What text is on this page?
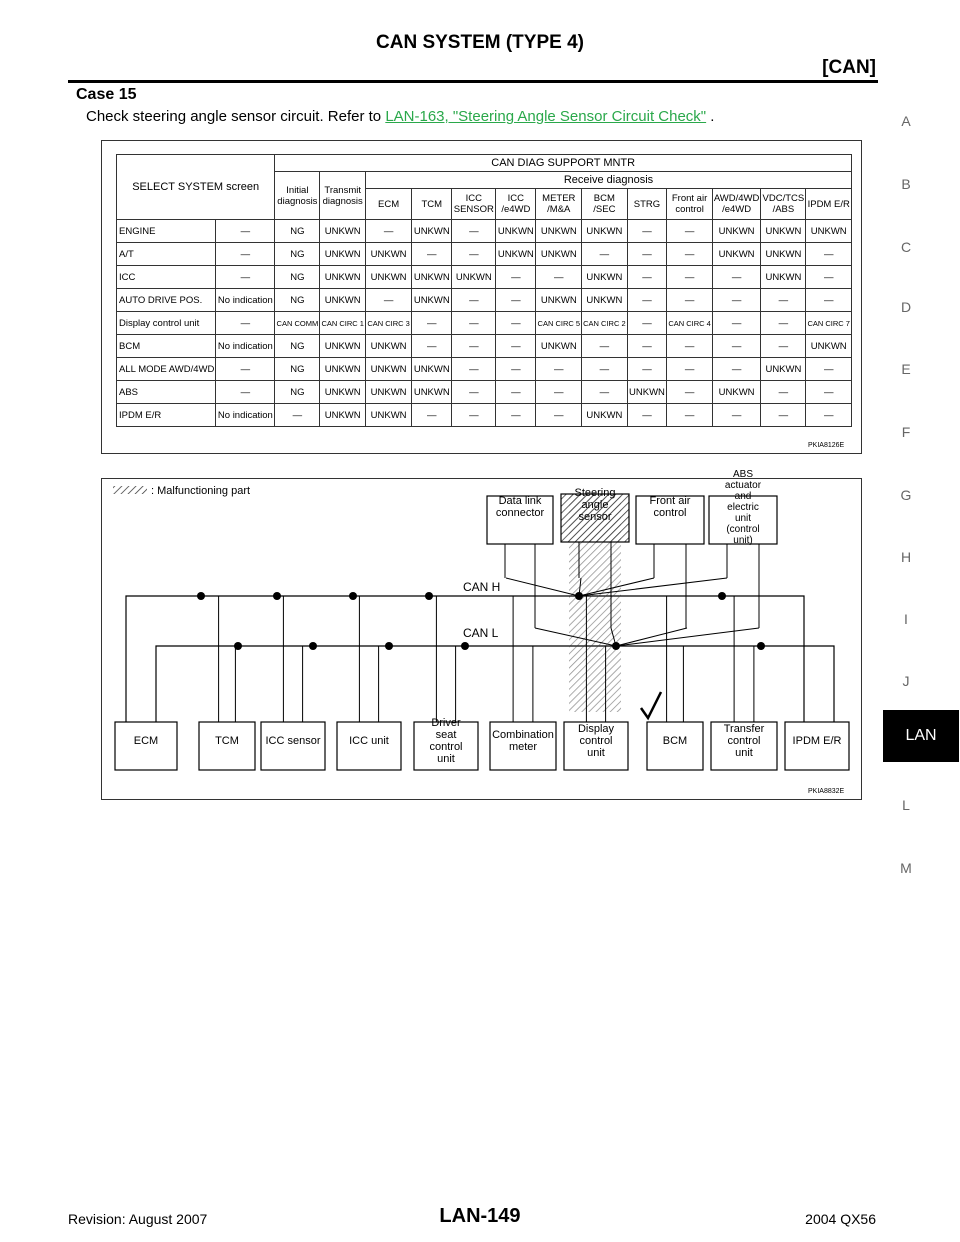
CAN SYSTEM (TYPE 4)
[CAN]
Case 15
Check steering angle sensor circuit. Refer to LAN-163, "Steering Angle Sensor Circuit Check" .	A
B
C
D
E
F
G
H
I
J
LAN
L
M
SELECT SYSTEM screen		CAN DIAG SUPPORT MNTR												
		Initial diagnosis	Transmit diagnosis	Receive diagnosis										
				ECM	TCM	ICC SENSOR	ICC /e4WD	METER /M&A	BCM /SEC	STRG	Front air control	AWD/4WD /e4WD	VDC/TCS /ABS	IPDM E/R
ENGINE	—	NG	UNKWN	—	UNKWN	—	UNKWN	UNKWN	UNKWN	—	—	UNKWN	UNKWN	UNKWN
A/T	—	NG	UNKWN	UNKWN	—	—	UNKWN	UNKWN	—	—	—	UNKWN	UNKWN	—
ICC	—	NG	UNKWN	UNKWN	UNKWN	UNKWN	—	—	UNKWN	—	—	—	UNKWN	—
AUTO DRIVE POS.	No indication	NG	UNKWN	—	UNKWN	—	—	UNKWN	UNKWN	—	—	—	—	—
Display control unit	—	CAN COMM	CAN CIRC 1	CAN CIRC 3	—	—	—	CAN CIRC 5	CAN CIRC 2	—	CAN CIRC 4	—	—	CAN CIRC 7
BCM	No indication	NG	UNKWN	UNKWN	—	—	—	UNKWN	—	—	—	—	—	UNKWN
ALL MODE AWD/4WD	—	NG	UNKWN	UNKWN	UNKWN	—	—	—	—	—	—	—	UNKWN	—
ABS	—	NG	UNKWN	UNKWN	UNKWN	—	—	—	—	UNKWN	—	UNKWN	—	—
IPDM E/R	No indication	—	UNKWN	UNKWN	—	—	—	—	UNKWN	—	—	—	—	—
PKIA8126E
: Malfunctioning part
CAN H
CAN L
Data link connector
Steering angle sensor
Front air control
ABS actuator and electric unit (control unit)
ECM	TCM ICC sensor	ICC unit
Driver seat control unit
Combination meter
Display control unit
BCM
Transfer control unit
IPDM E/R
PKIA8832E
Revision: August 2007	LAN-149	2004 QX56
